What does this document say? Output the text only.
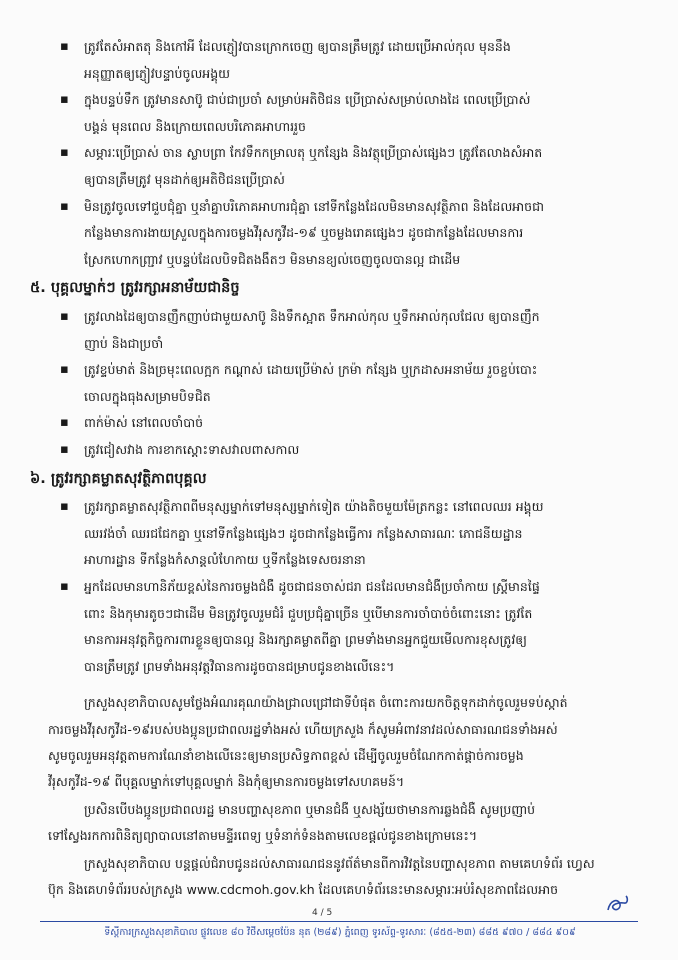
▪ ត្រូវតែសំអាតតុ និងកៅអី ដែលភ្ញៀវបានក្រោកចេញ ឲ្យបានត្រឹមត្រូវ ដោយប្រើអាល់កុល មុននឹង
អនុញ្ញាតឲ្យភ្ញៀវបន្ទាប់ចូលអង្គុយ
▪ ក្នុងបន្ទប់ទឹក ត្រូវមានសាប៊ូ ជាប់ជាប្រចាំ សម្រាប់អតិថិជន ប្រើប្រាស់សម្រាប់លាងដៃ ពេលប្រើប្រាស់
បង្គន់ មុនពេល និងក្រោយពេលបរិភោគអាហាររួច
▪ សម្ភារៈប្រើប្រាស់ ចាន ស្លាបព្រា កែវទឹកកម្រាលតុ ឬកន្សែង និងវត្ថុប្រើប្រាស់ផ្សេងៗ ត្រូវតែលាងសំអាត
ឲ្យបានត្រឹមត្រូវ មុនដាក់ឲ្យអតិថិជនប្រើប្រាស់
▪ មិនត្រូវចូលទៅជួបជុំគ្នា ឬនាំគ្នាបរិភោគអាហារជុំគ្នា នៅទីកន្លែងដែលមិនមានសុវត្ថិភាព និងដែលអាចជា
កន្លែងមានការងាយស្រួលក្នុងការចម្លងវីរុសកូវីដ-១៩ ឬចម្លងរោគផ្សេងៗ ដូចជាកន្លែងដែលមានការ
ស្រែកហោកញ្ជ្រាវ ឬបន្ទប់ដែលបិទជិតងងឹតៗ មិនមានខ្យល់ចេញចូលបានល្អ ជាដើម
៥. បុគ្គលម្នាក់ៗ ត្រូវរក្សាអនាម័យជានិច្ច
▪ ត្រូវលាងដៃឲ្យបានញឹកញាប់ជាមួយសាប៊ូ និងទឹកស្អាត ទឹកអាល់កុល ឬទឹកអាល់កុលជែល ឲ្យបានញឹក
ញាប់ និងជាប្រចាំ
▪ ត្រូវខ្ទប់មាត់ និងច្រមុះពេលក្អក កណ្តាស់ ដោយប្រើម៉ាស់ ក្រម៉ា កន្សែង ឬក្រដាសអនាម័យ រួចខ្ចប់បោះ
ចោលក្នុងធុងសម្រាមបិទជិត
▪ ពាក់ម៉ាស់ នៅពេលចាំបាច់
▪ ត្រូវជៀសវាង ការខាកស្តោះទាសវាលពាសកាល
៦. ត្រូវរក្សាគម្លាតសុវត្ថិភាពបុគ្គល
▪ ត្រូវរក្សាគម្លាតសុវត្ថិភាពពីមនុស្សម្នាក់ទៅមនុស្សម្នាក់ទៀត យ៉ាងតិចមួយម៉ែត្រកន្លះ នៅពេលឈរ អង្គុយ
ឈរវង់ចាំ ឈរជជែកគ្នា ឬនៅទីកន្លែងផ្សេងៗ ដូចជាកន្លែងធ្វើការ កន្លែងសាធារណៈ ភោជនីយដ្ឋាន
អាហារដ្ឋាន ទីកន្លែងកំសាន្តលំហែកាយ ឬទីកន្លែងទេសចរនានា
▪ អ្នកដែលមានហានិភ័យខ្ពស់នៃការចម្លងជំងឺ ដូចជាជនចាស់ជរា ជនដែលមានជំងឺប្រចាំកាយ ស្ត្រីមានផ្ទៃ
ពោះ និងកុមារតូចៗជាដើម មិនត្រូវចូលរួមជំរំ ជួបប្រជុំគ្នាច្រើន ឬបើមានការចាំបាច់ចំពោះនោះ ត្រូវតែ
មានការអនុវត្តកិច្ចការពារខ្លួនឲ្យបានល្អ និងរក្សាគម្លាតពីគ្នា ព្រមទាំងមានអ្នកជួយមើលការខុសត្រូវឲ្យ
បានត្រឹមត្រូវ ព្រមទាំងអនុវត្តវិធានការដូចបានជម្រាបជូនខាងលើនេះ។
ក្រសួងសុខាភិបាលសូមថ្លែងអំណរគុណយ៉ាងជ្រាលជ្រៅជាទីបំផុត ចំពោះការយកចិត្តទុកដាក់ចូលរួមទប់ស្កាត់
ការចម្លងវីរុសកូវីដ-១៩របស់បងប្អូនប្រជាពលរដ្ឋទាំងអស់ ហើយក្រសួង ក៏សូមអំពាវនាវដល់សាធារណជនទាំងអស់
សូមចូលរួមអនុវត្តតាមការណែនាំខាងលើនេះឲ្យមានប្រសិទ្ធភាពខ្ពស់ ដើម្បីចូលរួមចំណែកកាត់ផ្តាច់ការចម្លង
វីរុសកូវីដ-១៩ ពីបុគ្គលម្នាក់ទៅបុគ្គលម្នាក់ និងកុំឲ្យមានការចម្លងទៅសហគមន៍។
ប្រសិនបើបងប្អូនប្រជាពលរដ្ឋ មានបញ្ហាសុខភាព ឬមានជំងឺ ឬសង្ស័យថាមានការឆ្លងជំងឺ សូមប្រញាប់
ទៅស្វែងរកការពិនិត្យព្យាបាលនៅតាមមន្ទីរពេទ្យ ឬទំនាក់ទំនងតាមលេខផ្តល់ជូនខាងក្រោមនេះ។
ក្រសួងសុខាភិបាល បន្តផ្តល់ជំរាបជូនដល់សាធារណជននូវព័ត៌មានពីការវិវត្តនៃបញ្ហាសុខភាព តាមគេហទំព័រ ហ្វេស
ប៊ុក និងគេហទំព័ររបស់ក្រសួង www.cdcmoh.gov.kh ដែលគេហទំព័រនេះមានសម្ភារៈអប់រំសុខភាពដែលអាច
4 / 5
ទីស្តីការក្រសួងសុខាភិបាល ផ្លូវលេខ ៨០ វិថីសម្តេចប៉ែន នុត (២៨៩) ភ្នំពេញ ទូរស័ព្ទ-ទូរសារៈ (៨៥៥-២៣) ៨៨៥ ៩៧០ / ៨៨៤ ៩០៩
